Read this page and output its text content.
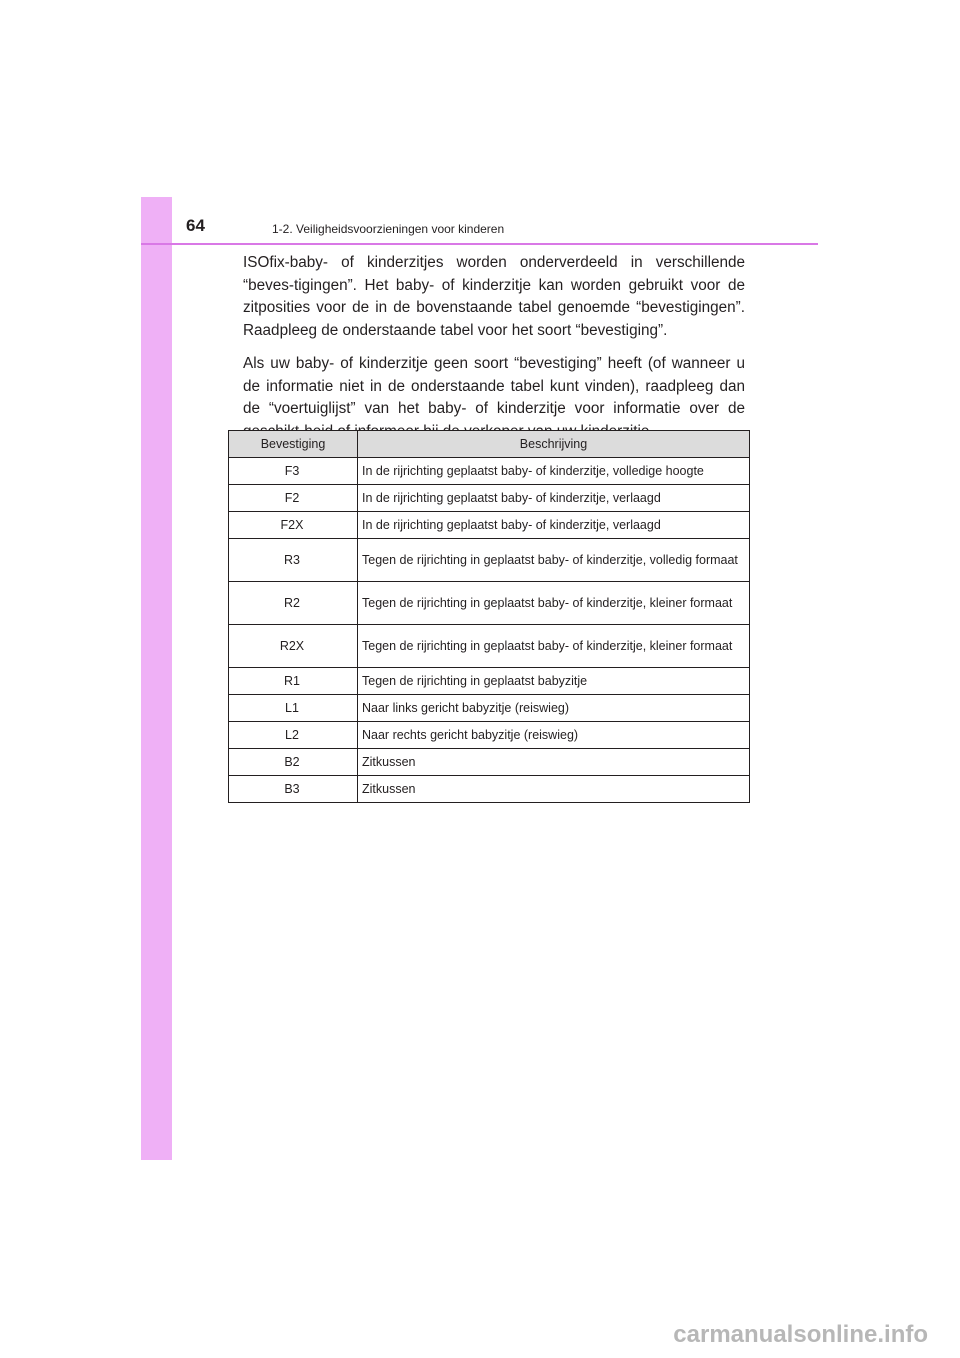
64	1-2. Veiligheidsvoorzieningen voor kinderen

ISOfix-baby- of kinderzitjes worden onderverdeeld in verschillende “beves-tigingen”. Het baby- of kinderzitje kan worden gebruikt voor de zitposities voor de in de bovenstaande tabel genoemde “bevestigingen”. Raadpleeg de onderstaande tabel voor het soort “bevestiging”.

Als uw baby- of kinderzitje geen soort “bevestiging” heeft (of wanneer u de informatie niet in de onderstaande tabel kunt vinden), raadpleeg dan de “voertuiglijst” van het baby- of kinderzitje voor informatie over de

Bevestiging	Beschrijving
F3	In de rijrichting geplaatst baby- of kinderzitje, volledige hoogte
F2	In de rijrichting geplaatst baby- of kinderzitje, verlaagd
F2X	In de rijrichting geplaatst baby- of kinderzitje, verlaagd
R3	Tegen de rijrichting in geplaatst baby- of kinderzitje, volledig formaat
R2	Tegen de rijrichting in geplaatst baby- of kinderzitje, kleiner formaat
R2X	Tegen de rijrichting in geplaatst baby- of kinderzitje, kleiner formaat
R1	Tegen de rijrichting in geplaatst babyzitje
L1	Naar links gericht babyzitje (reiswieg)
L2	Naar rechts gericht babyzitje (reiswieg)
B2	Zitkussen
B3	Zitkussen
carmanualsonline.info
